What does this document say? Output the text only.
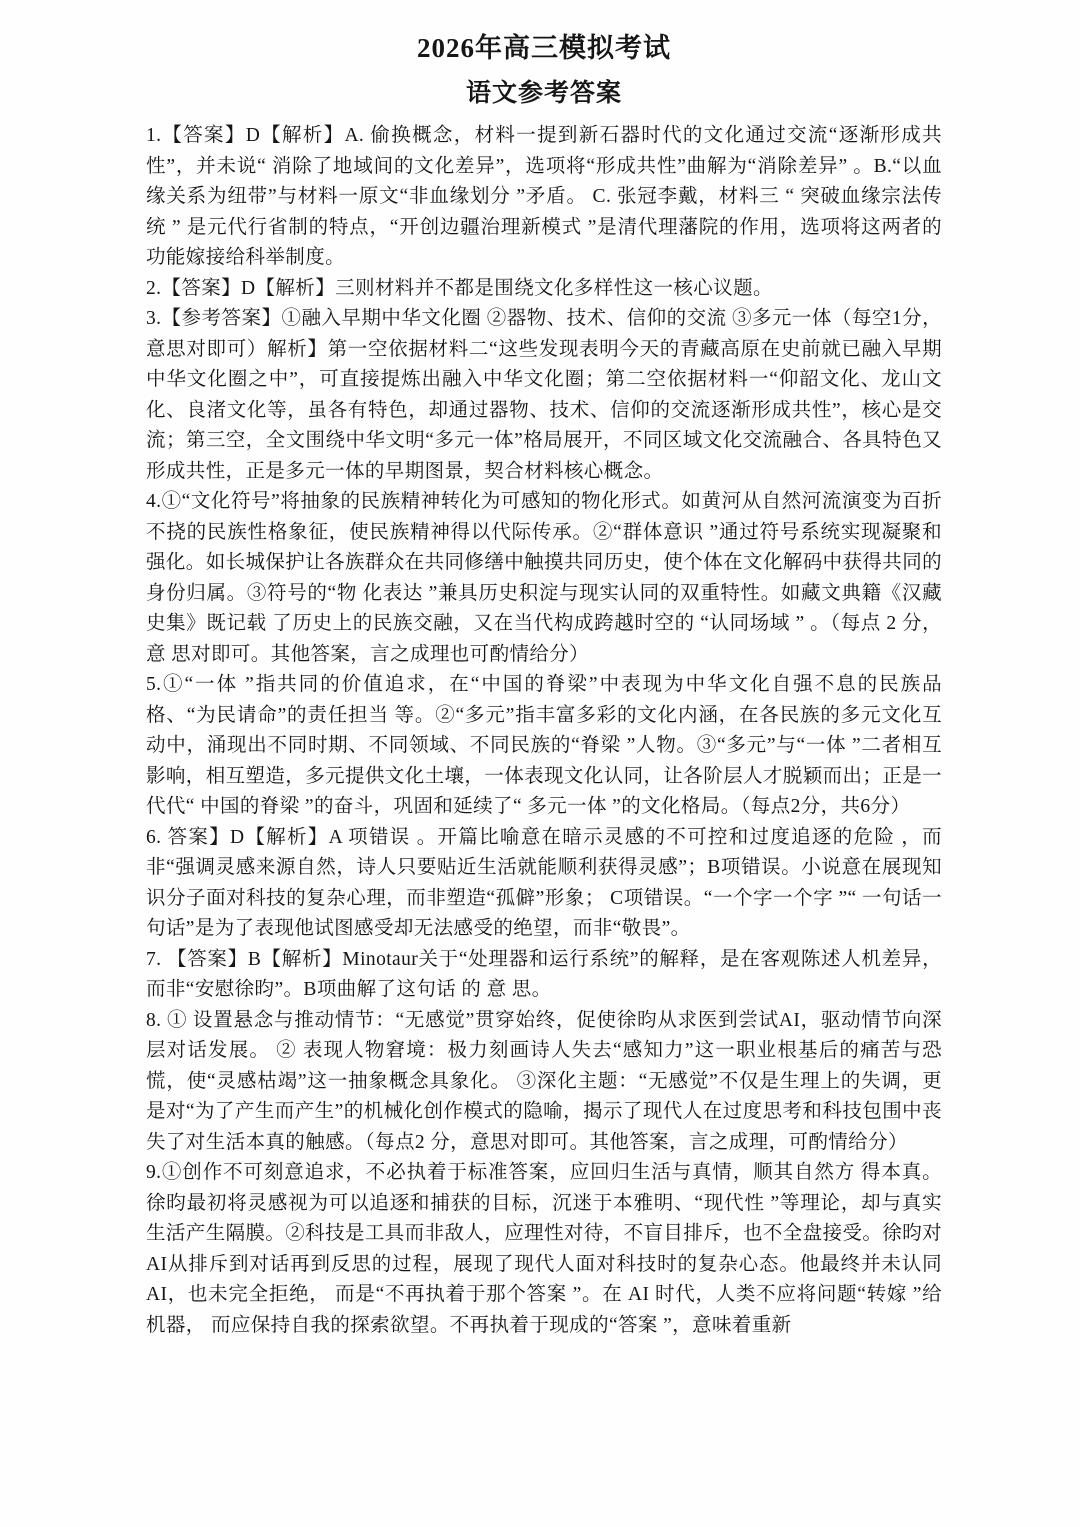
2026年高三模拟考试
语文参考答案

1.【答案】D【解析】A. 偷换概念，材料一提到新石器时代的文化通过交流“逐渐形成共性”，并未说“ 消除了地域间的文化差异”，选项将“形成共性”曲解为“消除差异” 。B.“以血缘关系为纽带”与材料一原文“非血缘划分 ”矛盾。 C. 张冠李戴，材料三 “ 突破血缘宗法传统 ” 是元代行省制的特点，“开创边疆治理新模式 ”是清代理藩院的作用，选项将这两者的功能嫁接给科举制度。

2.【答案】D【解析】三则材料并不都是围绕文化多样性这一核心议题。

3.【参考答案】①融入早期中华文化圈 ②器物、技术、信仰的交流 ③多元一体（每空1分，意思对即可）解析】第一空依据材料二“这些发现表明今天的青藏高原在史前就已融入早期中华文化圈之中”，可直接提炼出融入中华文化圈；第二空依据材料一“仰韶文化、龙山文化、良渚文化等，虽各有特色，却通过器物、技术、信仰的交流逐渐形成共性”，核心是交流；第三空，全文围绕中华文明“多元一体”格局展开，不同区域文化交流融合、各具特色又形成共性，正是多元一体的早期图景，契合材料核心概念。

4.①“文化符号”将抽象的民族精神转化为可感知的物化形式。如黄河从自然河流演变为百折不挠的民族性格象征，使民族精神得以代际传承。②“群体意识 ”通过符号系统实现凝聚和强化。如长城保护让各族群众在共同修缮中触摸共同历史，使个体在文化解码中获得共同的身份归属。③符号的“物 化表达 ”兼具历史积淀与现实认同的双重特性。如藏文典籍《汉藏史集》既记载 了历史上的民族交融，又在当代构成跨越时空的 “认同场域 ” 。（每点 2 分，意 思对即可。其他答案，言之成理也可酌情给分）

5.①“一体 ”指共同的价值追求，在“中国的脊梁”中表现为中华文化自强不息的民族品格、“为民请命”的责任担当 等。②“多元”指丰富多彩的文化内涵，在各民族的多元文化互动中，涌现出不同时期、不同领域、不同民族的“脊梁 ”人物。③“多元”与“一体 ”二者相互影响，相互塑造，多元提供文化土壤，一体表现文化认同，让各阶层人才脱颖而出；正是一代代“ 中国的脊梁 ”的奋斗，巩固和延续了“ 多元一体 ”的文化格局。（每点2分，共6分）

6. 答案】D【解析】A 项错误 。开篇比喻意在暗示灵感的不可控和过度追逐的危险 ，而非“强调灵感来源自然，诗人只要贴近生活就能顺利获得灵感”；B项错误。小说意在展现知识分子面对科技的复杂心理，而非塑造“孤僻”形象； C项错误。“一个字一个字 ”“ 一句话一句话”是为了表现他试图感受却无法感受的绝望，而非“敬畏”。

7. 【答案】B【解析】Minotaur关于“处理器和运行系统”的解释，是在客观陈述人机差异，而非“安慰徐昀”。B项曲解了这句话 的 意 思。

8. ① 设置悬念与推动情节：“无感觉”贯穿始终，促使徐昀从求医到尝试AI，驱动情节向深层对话发展。 ② 表现人物窘境：极力刻画诗人失去“感知力”这一职业根基后的痛苦与恐慌，使“灵感枯竭”这一抽象概念具象化。 ③深化主题：“无感觉”不仅是生理上的失调，更是对“为了产生而产生”的机械化创作模式的隐喻，揭示了现代人在过度思考和科技包围中丧失了对生活本真的触感。（每点2 分，意思对即可。其他答案，言之成理，可酌情给分）

9.①创作不可刻意追求，不必执着于标准答案，应回归生活与真情，顺其自然方 得本真。徐昀最初将灵感视为可以追逐和捕获的目标，沉迷于本雅明、“现代性 ”等理论，却与真实生活产生隔膜。②科技是工具而非敌人，应理性对待，不盲目排斥，也不全盘接受。徐昀对AI从排斥到对话再到反思的过程，展现了现代人面对科技时的复杂心态。他最终并未认同AI，也未完全拒绝， 而是“不再执着于那个答案 ”。在 AI 时代，人类不应将问题“转嫁 ”给机器， 而应保持自我的探索欲望。不再执着于现成的“答案 ”，意味着重新
